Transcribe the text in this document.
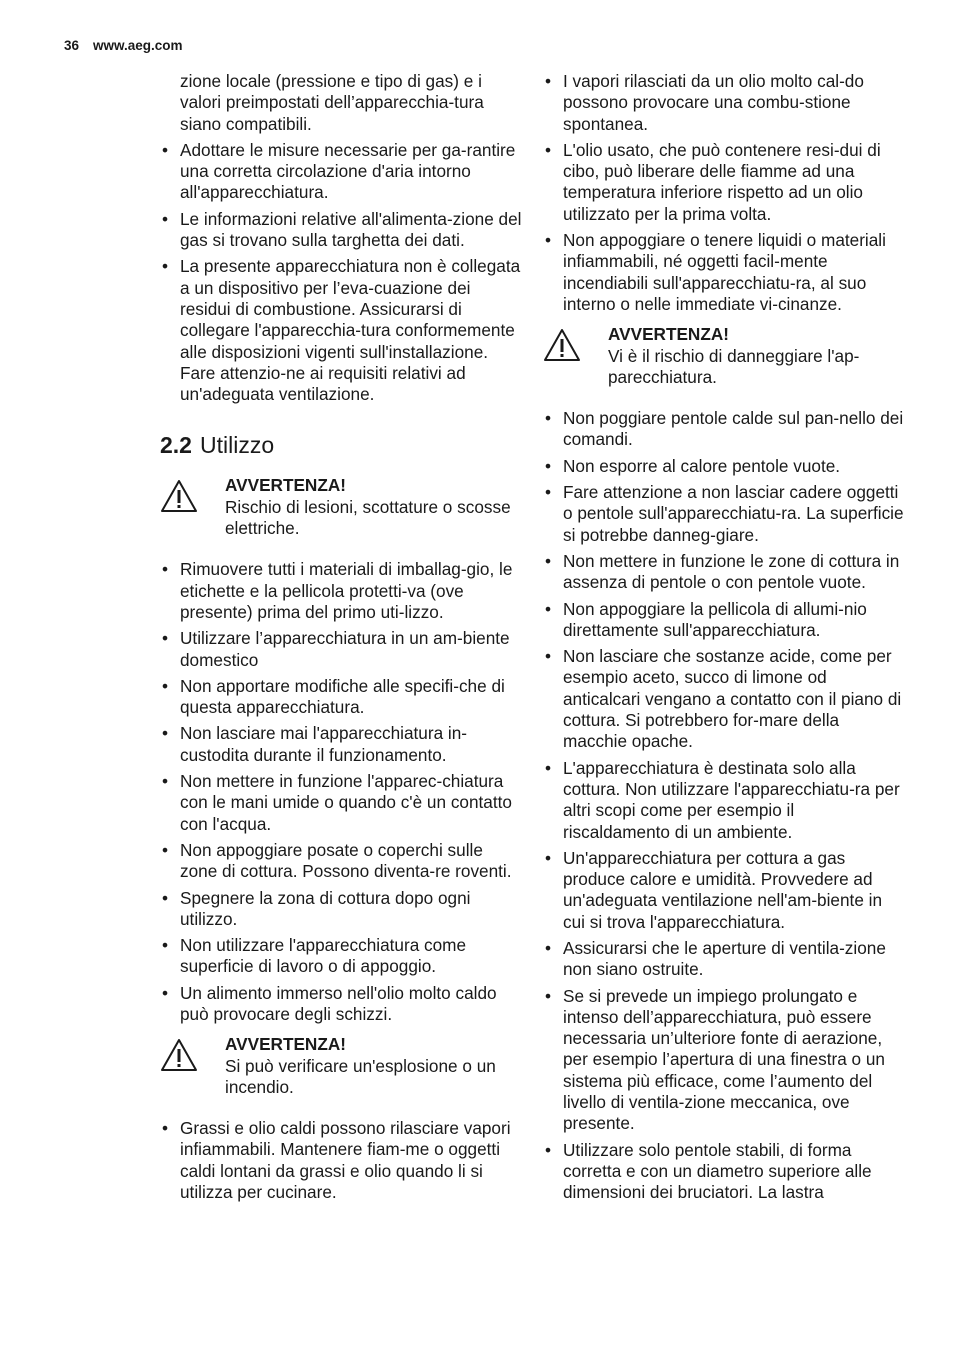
36 www.aeg.com

zione locale (pressione e tipo di gas) e i valori preimpostati dell’apparecchia-tura siano compatibili.

• Adottare le misure necessarie per ga-rantire una corretta circolazione d'aria intorno all'apparecchiatura.
• Le informazioni relative all'alimenta-zione del gas si trovano sulla targhetta dei dati.
• La presente apparecchiatura non è collegata a un dispositivo per l’eva-cuazione dei residui di combustione. Assicurarsi di collegare l'apparecchia-tura conformemente alle disposizioni vigenti sull'installazione. Fare attenzio-ne ai requisiti relativi ad un'adeguata ventilazione.
2.2 Utilizzo
AVVERTENZA!
Rischio di lesioni, scottature o scosse elettriche.
• Rimuovere tutti i materiali di imballag-gio, le etichette e la pellicola protetti-va (ove presente) prima del primo uti-lizzo.
• Utilizzare l’apparecchiatura in un am-biente domestico
• Non apportare modifiche alle specifi-che di questa apparecchiatura.
• Non lasciare mai l'apparecchiatura in-custodita durante il funzionamento.
• Non mettere in funzione l'apparec-chiatura con le mani umide o quando c'è un contatto con l'acqua.
• Non appoggiare posate o coperchi sulle zone di cottura. Possono diventa-re roventi.
• Spegnere la zona di cottura dopo ogni utilizzo.
• Non utilizzare l'apparecchiatura come superficie di lavoro o di appoggio.
• Un alimento immerso nell'olio molto caldo può provocare degli schizzi.
AVVERTENZA!
Si può verificare un'esplosione o un incendio.
• Grassi e olio caldi possono rilasciare vapori infiammabili. Mantenere fiam-me o oggetti caldi lontani da grassi e olio quando li si utilizza per cucinare.
• I vapori rilasciati da un olio molto cal-do possono provocare una combu-stione spontanea.
• L'olio usato, che può contenere resi-dui di cibo, può liberare delle fiamme ad una temperatura inferiore rispetto ad un olio utilizzato per la prima volta.
• Non appoggiare o tenere liquidi o materiali infiammabili, né oggetti facil-mente incendiabili sull'apparecchiatu-ra, al suo interno o nelle immediate vi-cinanze.
AVVERTENZA!
Vi è il rischio di danneggiare l'ap-parecchiatura.
• Non poggiare pentole calde sul pan-nello dei comandi.
• Non esporre al calore pentole vuote.
• Fare attenzione a non lasciar cadere oggetti o pentole sull'apparecchiatu-ra. La superficie si potrebbe danneg-giare.
• Non mettere in funzione le zone di cottura in assenza di pentole o con pentole vuote.
• Non appoggiare la pellicola di allumi-nio direttamente sull'apparecchiatura.
• Non lasciare che sostanze acide, come per esempio aceto, succo di limone od anticalcari vengano a contatto con il piano di cottura. Si potrebbero for-mare della macchie opache.
• L'apparecchiatura è destinata solo alla cottura. Non utilizzare l'apparecchiatu-ra per altri scopi come per esempio il riscaldamento di un ambiente.
• Un'apparecchiatura per cottura a gas produce calore e umidità. Provvedere ad un'adeguata ventilazione nell'am-biente in cui si trova l'apparecchiatura.
• Assicurarsi che le aperture di ventila-zione non siano ostruite.
• Se si prevede un impiego prolungato e intenso dell’apparecchiatura, può essere necessaria un’ulteriore fonte di aerazione, per esempio l’apertura di una finestra o un sistema più efficace, come l’aumento del livello di ventila-zione meccanica, ove presente.
• Utilizzare solo pentole stabili, di forma corretta e con un diametro superiore alle dimensioni dei bruciatori. La lastra
